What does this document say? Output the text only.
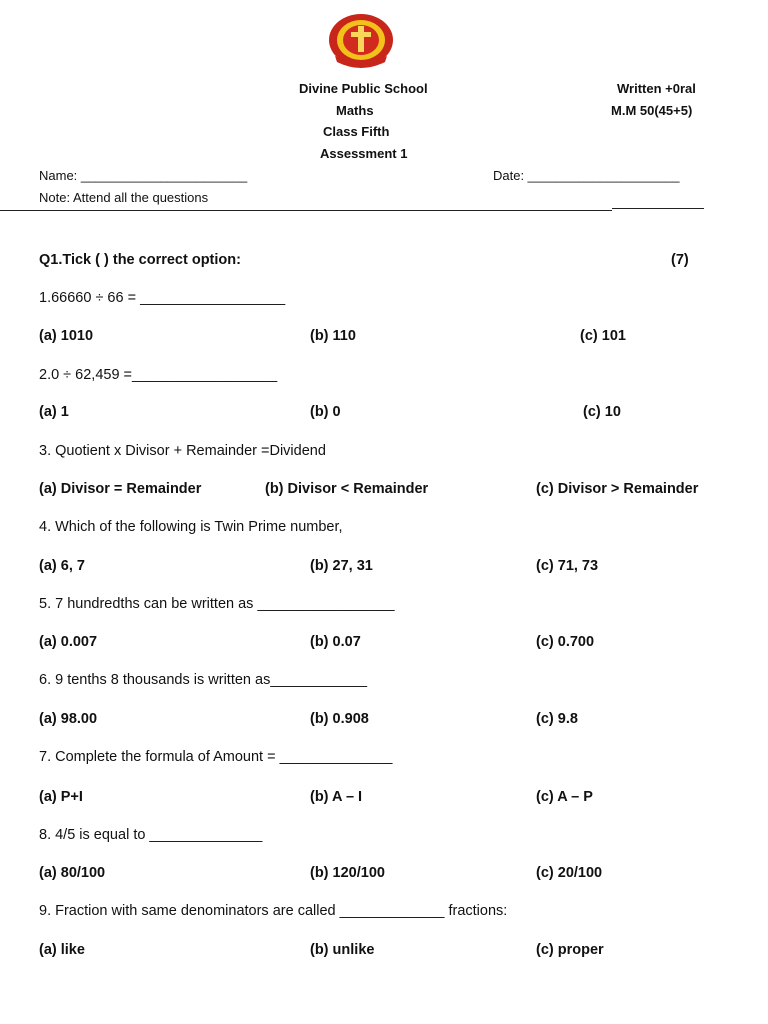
Divine Public School
Maths
Class Fifth
Assessment 1
Written +0ral
M.M 50(45+5)
Name: _______________________	Date: _____________________
Note: Attend all the questions
Q1.Tick ( ) the correct option:	(7)
1.66660 ÷ 66 = __________________
(a) 1010	(b) 110	(c) 101
2.0 ÷ 62,459 =__________________
(a) 1	(b) 0	(c) 10
3. Quotient x Divisor + Remainder =Dividend
(a) Divisor = Remainder	(b) Divisor < Remainder	(c) Divisor > Remainder
4. Which of the following is Twin Prime number,
(a) 6, 7	(b) 27, 31	(c) 71, 73
5. 7 hundredths can be written as _________________
(a) 0.007	(b) 0.07	(c) 0.700
6. 9 tenths 8 thousands is written as____________
(a) 98.00	(b) 0.908	(c) 9.8
7. Complete the formula of Amount = ______________
(a) P+I	(b) A – I	(c) A – P
8. 4/5 is equal to ______________
(a) 80/100	(b) 120/100	(c) 20/100
9. Fraction with same denominators are called _____________ fractions:
(a) like	(b) unlike	(c) proper
